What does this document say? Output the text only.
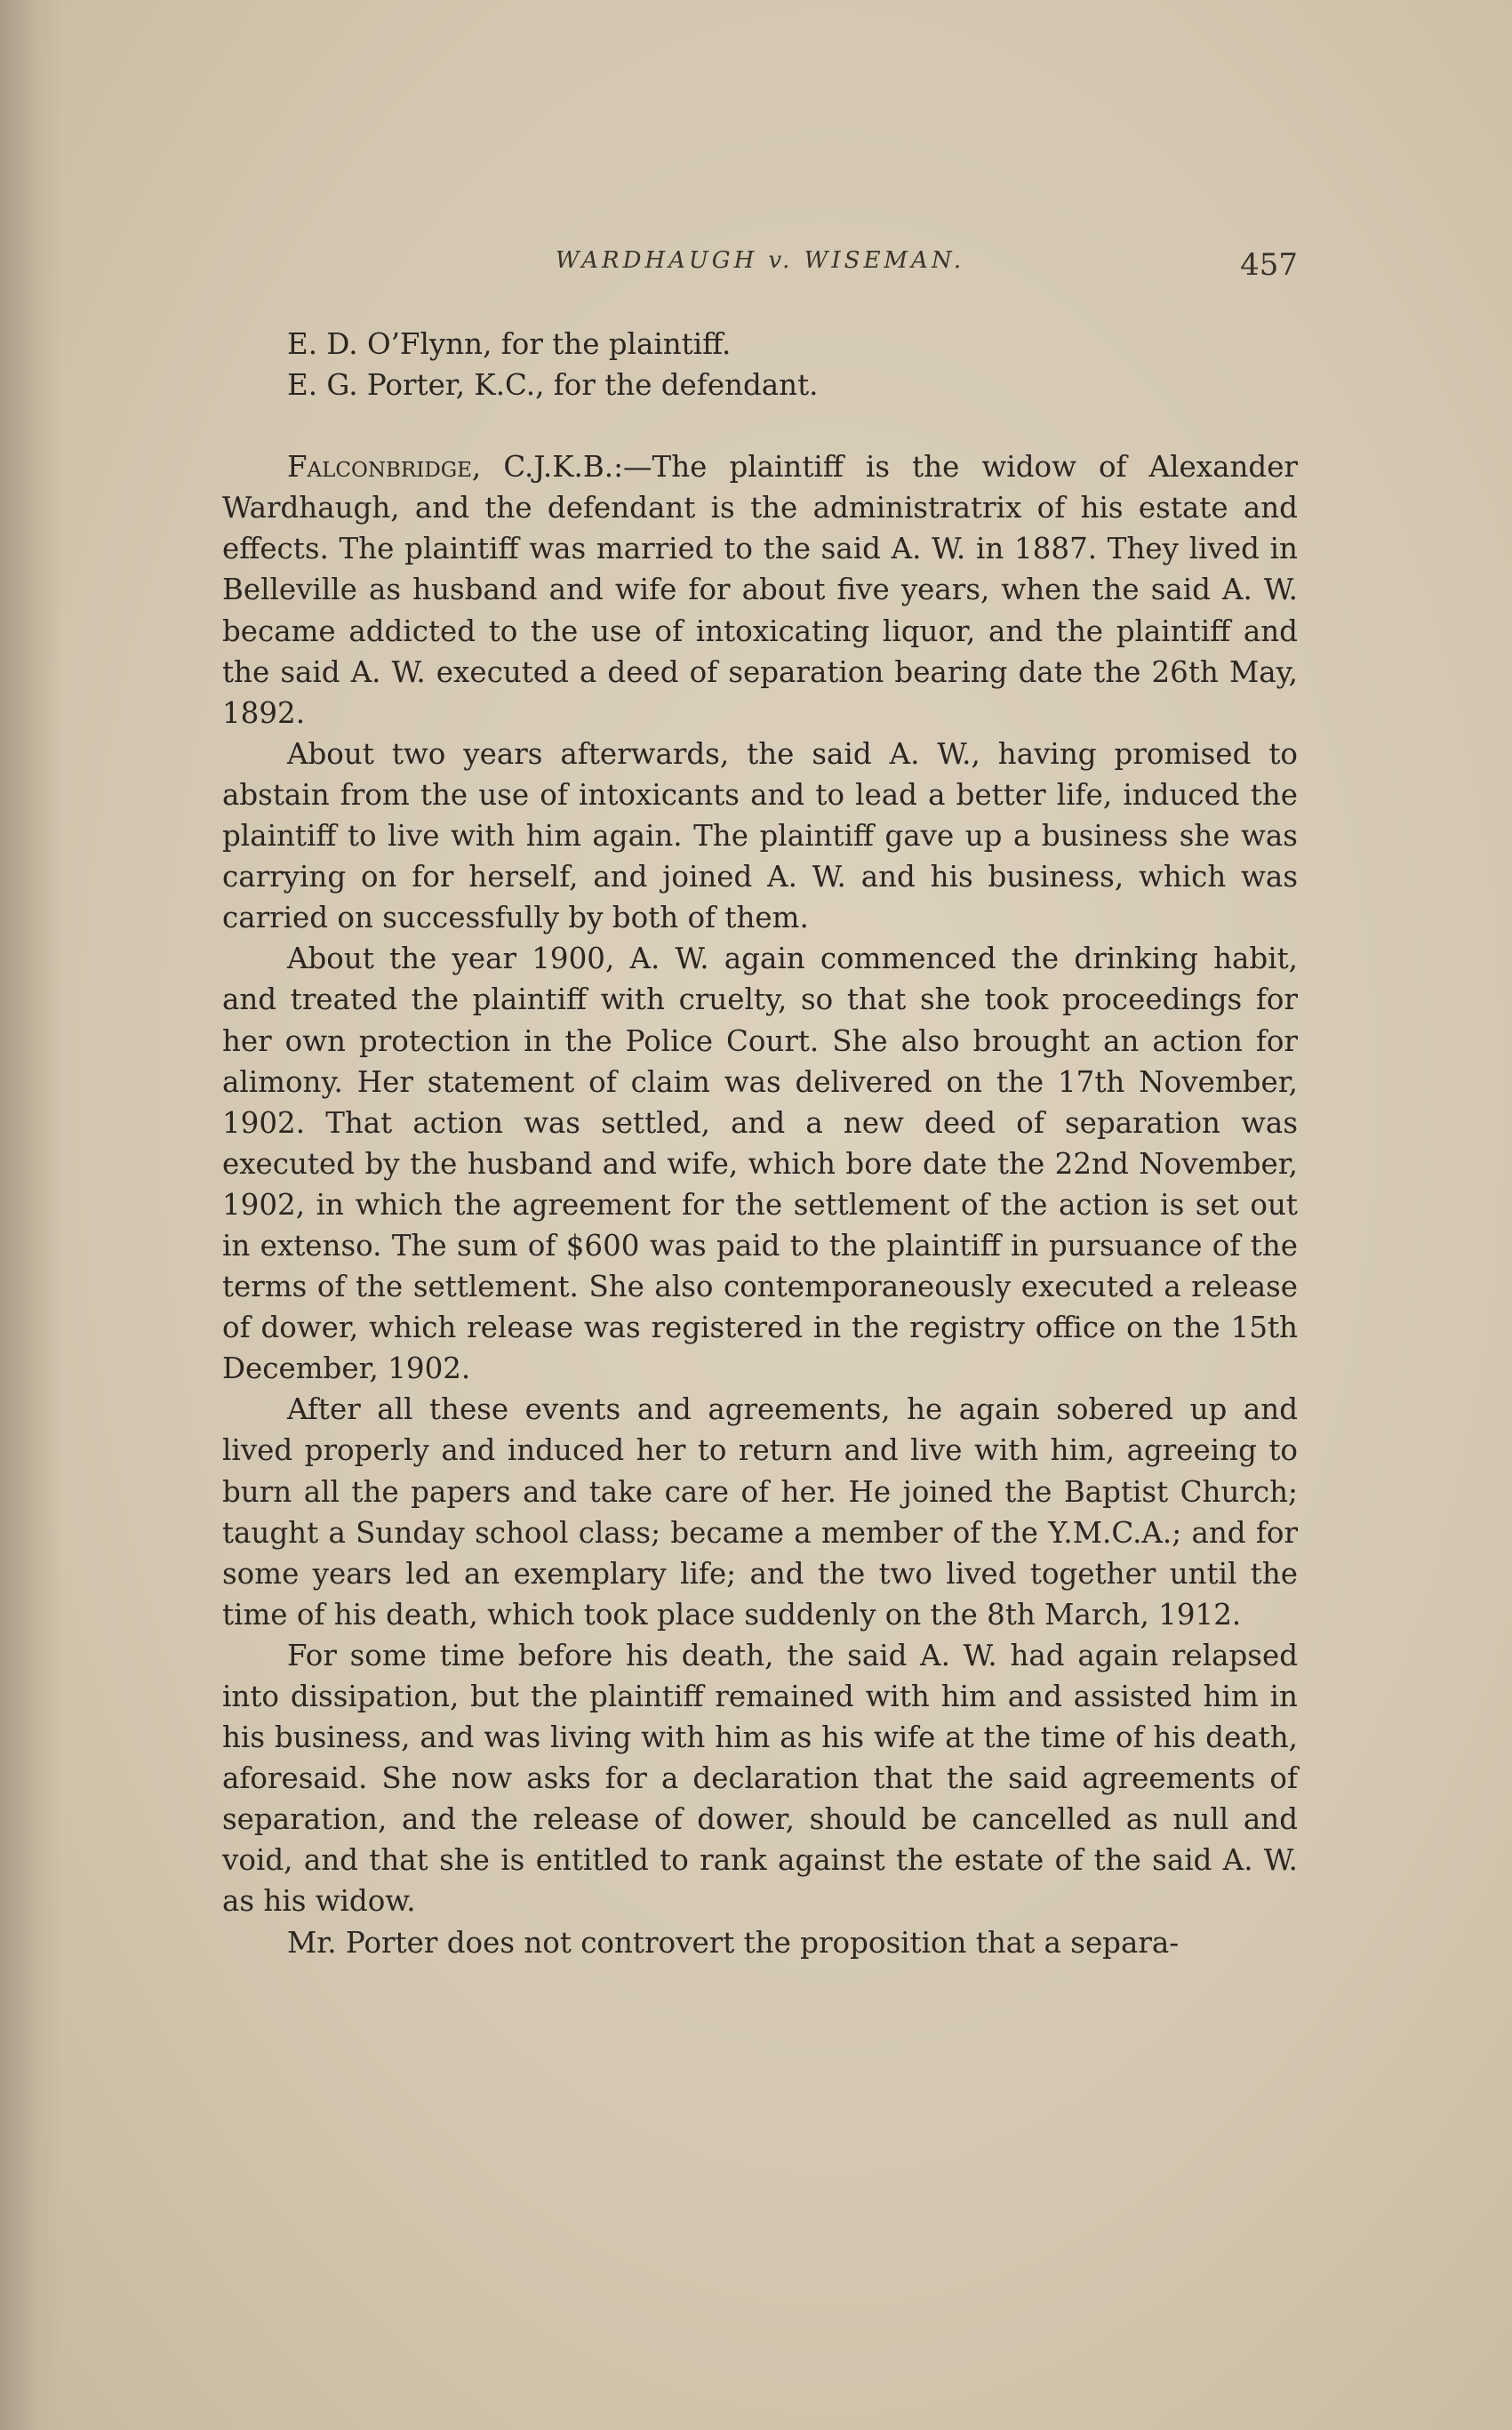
WARDHAUGH v. WISEMAN.	457

E. D. O’Flynn, for the plaintiff.

E. G. Porter, K.C., for the defendant.

Falconbridge, C.J.K.B.:—The plaintiff is the widow of Alexander Wardhaugh, and the defendant is the administratrix of his estate and effects. The plaintiff was married to the said A. W. in 1887. They lived in Belleville as husband and wife for about five years, when the said A. W. became addicted to the use of intoxicating liquor, and the plaintiff and the said A. W. executed a deed of separation bearing date the 26th May, 1892.

About two years afterwards, the said A. W., having promised to abstain from the use of intoxicants and to lead a better life, induced the plaintiff to live with him again. The plaintiff gave up a business she was carrying on for herself, and joined A. W. and his business, which was carried on successfully by both of them.

About the year 1900, A. W. again commenced the drinking habit, and treated the plaintiff with cruelty, so that she took proceedings for her own protection in the Police Court. She also brought an action for alimony. Her statement of claim was delivered on the 17th November, 1902. That action was settled, and a new deed of separation was executed by the husband and wife, which bore date the 22nd November, 1902, in which the agreement for the settlement of the action is set out in extenso. The sum of $600 was paid to the plaintiff in pursuance of the terms of the settlement. She also contemporaneously executed a release of dower, which release was registered in the registry office on the 15th December, 1902.

After all these events and agreements, he again sobered up and lived properly and induced her to return and live with him, agreeing to burn all the papers and take care of her. He joined the Baptist Church; taught a Sunday school class; became a member of the Y.M.C.A.; and for some years led an exemplary life; and the two lived together until the time of his death, which took place suddenly on the 8th March, 1912.

For some time before his death, the said A. W. had again relapsed into dissipation, but the plaintiff remained with him and assisted him in his business, and was living with him as his wife at the time of his death, aforesaid. She now asks for a declaration that the said agreements of separation, and the release of dower, should be cancelled as null and void, and that she is entitled to rank against the estate of the said A. W. as his widow.

Mr. Porter does not controvert the proposition that a separa-
